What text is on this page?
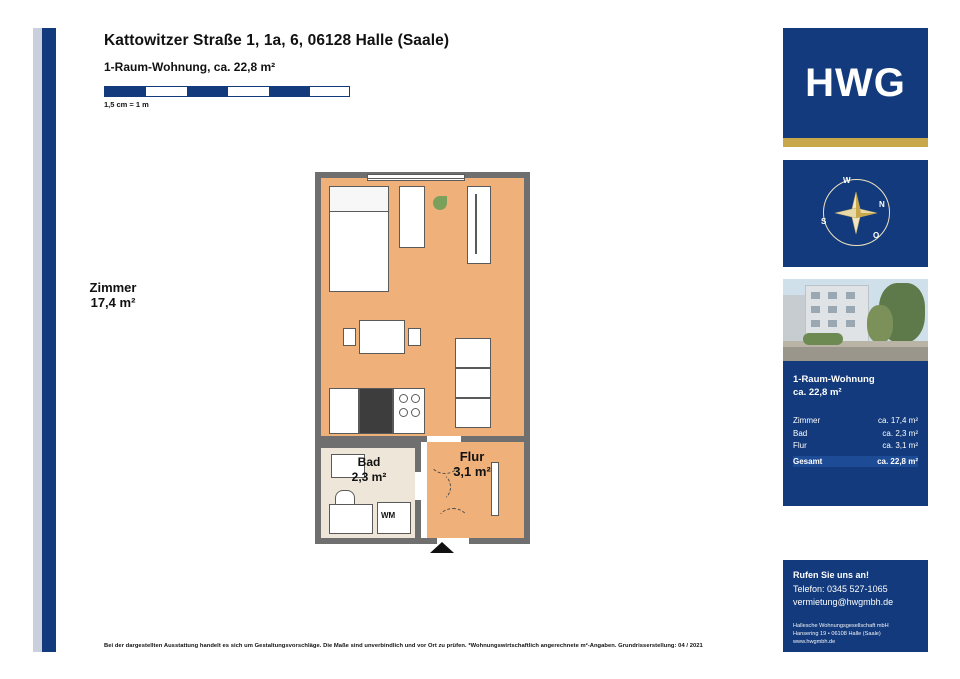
Kattowitzer Straße 1, 1a, 6, 06128 Halle (Saale)
1-Raum-Wohnung, ca. 22,8 m²
1,5 cm = 1 m
Zimmer
17,4 m²
Bad
2,3 m²
Flur
3,1 m²
WM
HWG
N
O
S
W
1-Raum-Wohnung
ca. 22,8 m²
Zimmer	ca. 17,4 m²
Bad	ca. 2,3 m²
Flur	ca. 3,1 m²
Gesamt	ca. 22,8 m²
Rufen Sie uns an!
Telefon: 0345 527-1065
vermietung@hwgmbh.de
Hallesche Wohnungsgesellschaft mbH
Hansering 19 • 06108 Halle (Saale)
www.hwgmbh.de
Bei der dargestellten Ausstattung handelt es sich um Gestaltungsvorschläge. Die Maße sind unverbindlich und vor Ort zu prüfen. *Wohnungswirtschaftlich angerechnete m²-Angaben. Grundrisserstellung: 04 / 2021
